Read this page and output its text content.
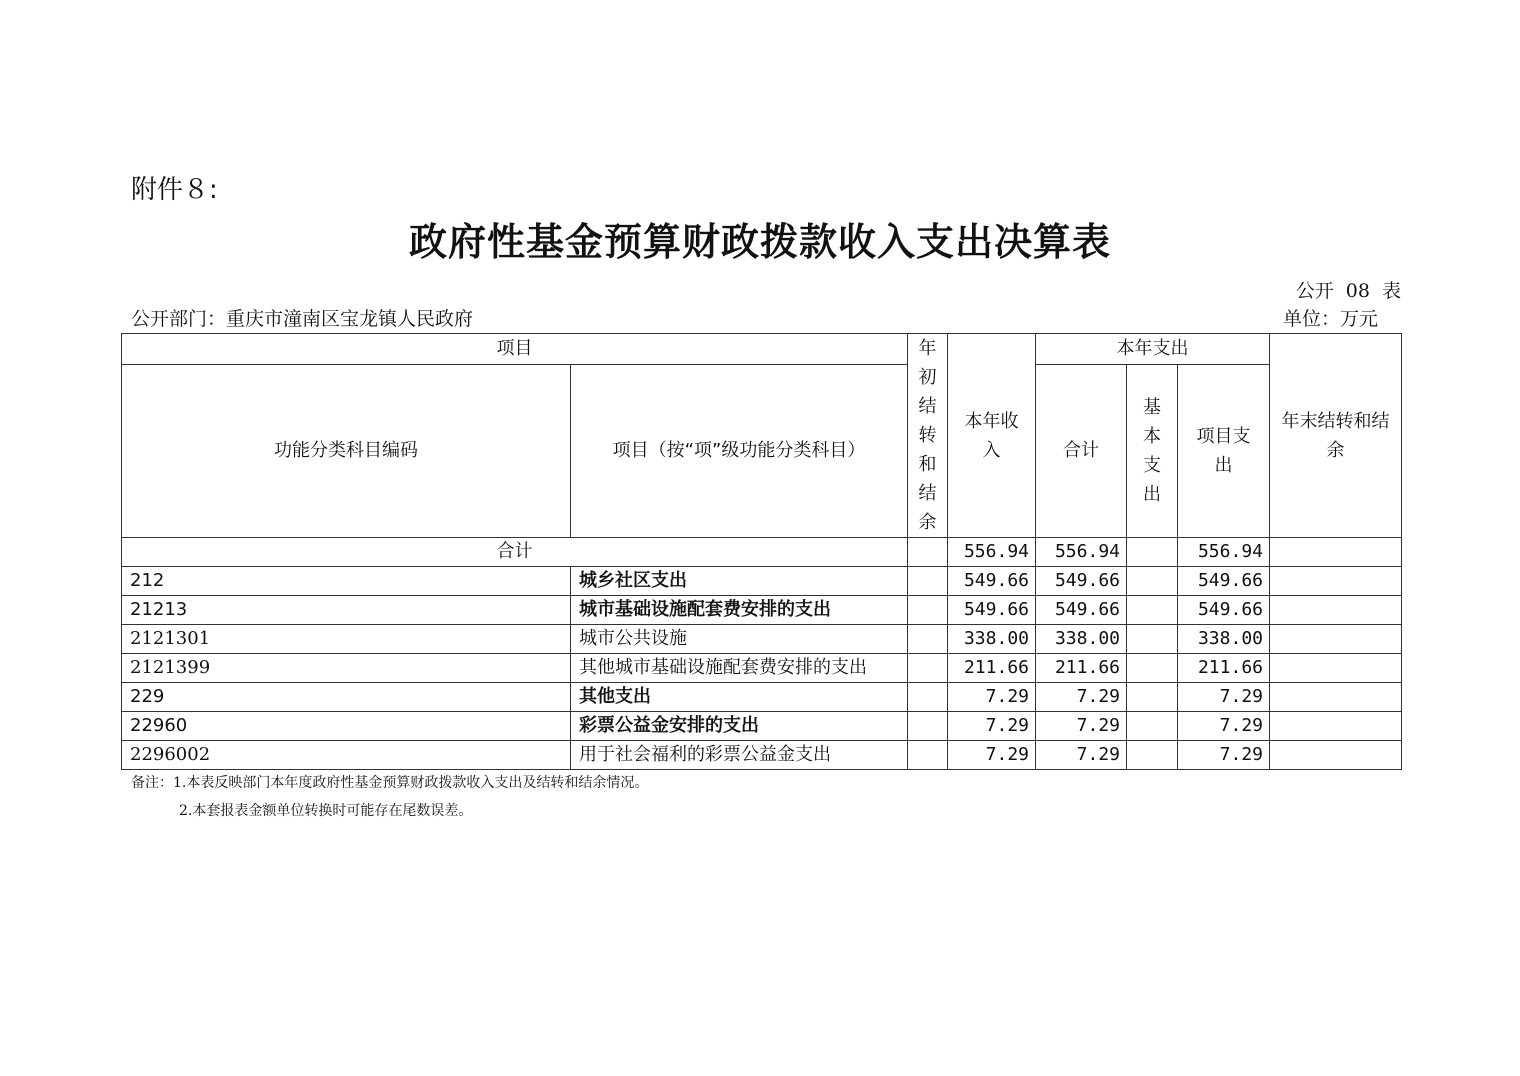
附件８:
政府性基金预算财政拨款收入支出决算表
公开 08 表
公开部门：重庆市潼南区宝龙镇人民政府	单位：万元
项目		年初结转和结余	本年收入	本年支出			年末结转和结余
功能分类科目编码	项目（按“项”级功能分类科目）			合计	基本支出	项目支出	
合计			556.94	556.94		556.94	
212	城乡社区支出		549.66	549.66		549.66	
21213	城市基础设施配套费安排的支出		549.66	549.66		549.66	
2121301	城市公共设施		338.00	338.00		338.00	
2121399	其他城市基础设施配套费安排的支出		211.66	211.66		211.66	
229	其他支出		7.29	7.29		7.29	
22960	彩票公益金安排的支出		7.29	7.29		7.29	
2296002	用于社会福利的彩票公益金支出		7.29	7.29		7.29	
备注：1.本表反映部门本年度政府性基金预算财政拨款收入支出及结转和结余情况。
2.本套报表金额单位转换时可能存在尾数误差。
